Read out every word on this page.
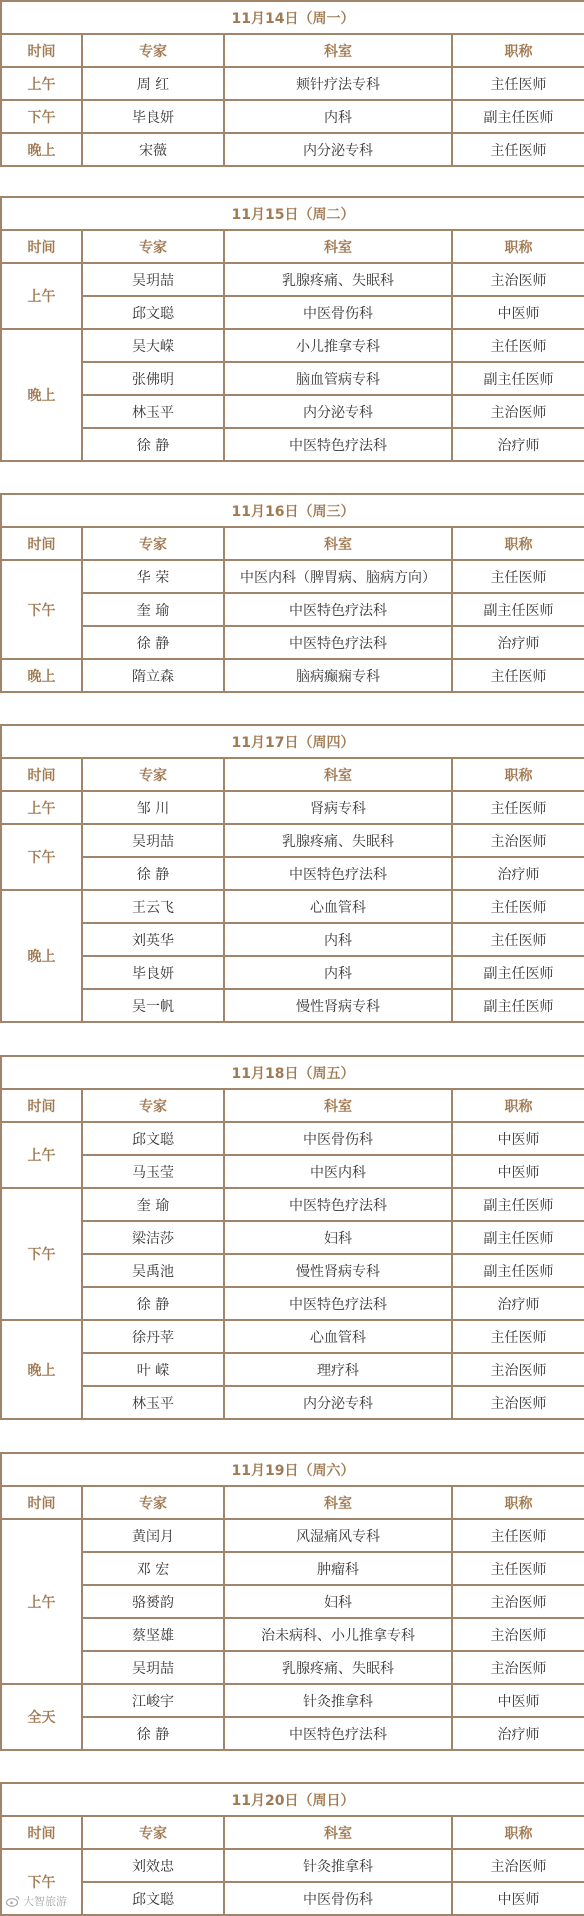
11月14日（周一）			
时间	专家	科室	职称
上午	周 红	颊针疗法专科	主任医师
下午	毕良妍	内科	副主任医师
晚上	宋薇	内分泌专科	主任医师
11月15日（周二）			
时间	专家	科室	职称
上午	吴玥喆	乳腺疼痛、失眠科	主治医师
	邱文聪	中医骨伤科	中医师
晚上	吴大嵘	小儿推拿专科	主任医师
	张佛明	脑血管病专科	副主任医师
	林玉平	内分泌专科	主治医师
	徐 静	中医特色疗法科	治疗师
11月16日（周三）			
时间	专家	科室	职称
下午	华 荣	中医内科（脾胃病、脑病方向）	主任医师
	奎 瑜	中医特色疗法科	副主任医师
	徐 静	中医特色疗法科	治疗师
晚上	隋立森	脑病癫痫专科	主任医师
11月17日（周四）			
时间	专家	科室	职称
上午	邹 川	肾病专科	主任医师
下午	吴玥喆	乳腺疼痛、失眠科	主治医师
	徐 静	中医特色疗法科	治疗师
晚上	王云飞	心血管科	主任医师
	刘英华	内科	主任医师
	毕良妍	内科	副主任医师
	吴一帆	慢性肾病专科	副主任医师
11月18日（周五）			
时间	专家	科室	职称
上午	邱文聪	中医骨伤科	中医师
	马玉莹	中医内科	中医师
下午	奎 瑜	中医特色疗法科	副主任医师
	梁洁莎	妇科	副主任医师
	吴禹池	慢性肾病专科	副主任医师
	徐 静	中医特色疗法科	治疗师
晚上	徐丹苹	心血管科	主任医师
	叶 嵘	理疗科	主治医师
	林玉平	内分泌专科	主治医师
11月19日（周六）			
时间	专家	科室	职称
上午	黄闰月	风湿痛风专科	主任医师
	邓 宏	肿瘤科	主任医师
	骆赟韵	妇科	主治医师
	蔡坚雄	治未病科、小儿推拿专科	主治医师
	吴玥喆	乳腺疼痛、失眠科	主治医师
全天	江峻宇	针灸推拿科	中医师
	徐 静	中医特色疗法科	治疗师
11月20日（周日）			
时间	专家	科室	职称
下午	刘效忠	针灸推拿科	主治医师
	邱文聪	中医骨伤科	中医师
大智旅游
